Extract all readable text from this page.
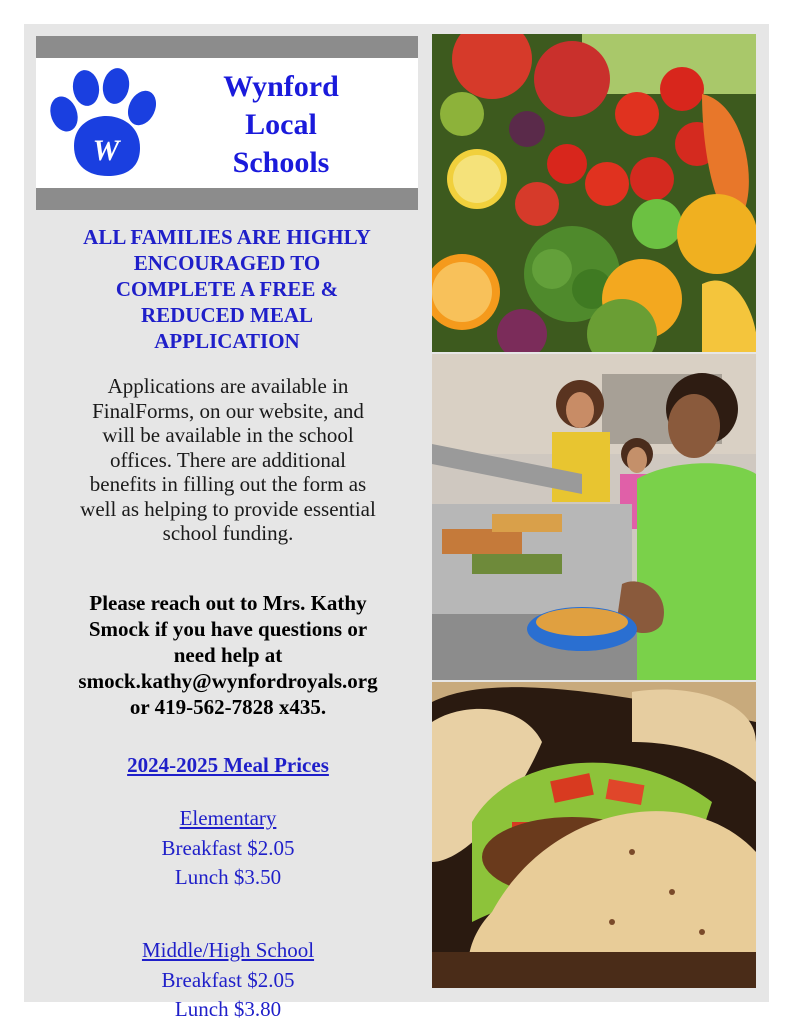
W
Wynford
Local
Schools
ALL FAMILIES ARE HIGHLY
ENCOURAGED TO
COMPLETE A FREE &
REDUCED MEAL
APPLICATION
Applications are available in
FinalForms, on our website, and
will be available in the school
offices. There are additional
benefits in filling out the form as
well as helping to provide essential
school funding.
Please reach out to Mrs. Kathy
Smock if you have questions or
need help at
smock.kathy@wynfordroyals.org
or 419-562-7828 x435.
2024-2025 Meal Prices
Elementary
Breakfast $2.05
Lunch $3.50
Middle/High School
Breakfast $2.05
Lunch $3.80
